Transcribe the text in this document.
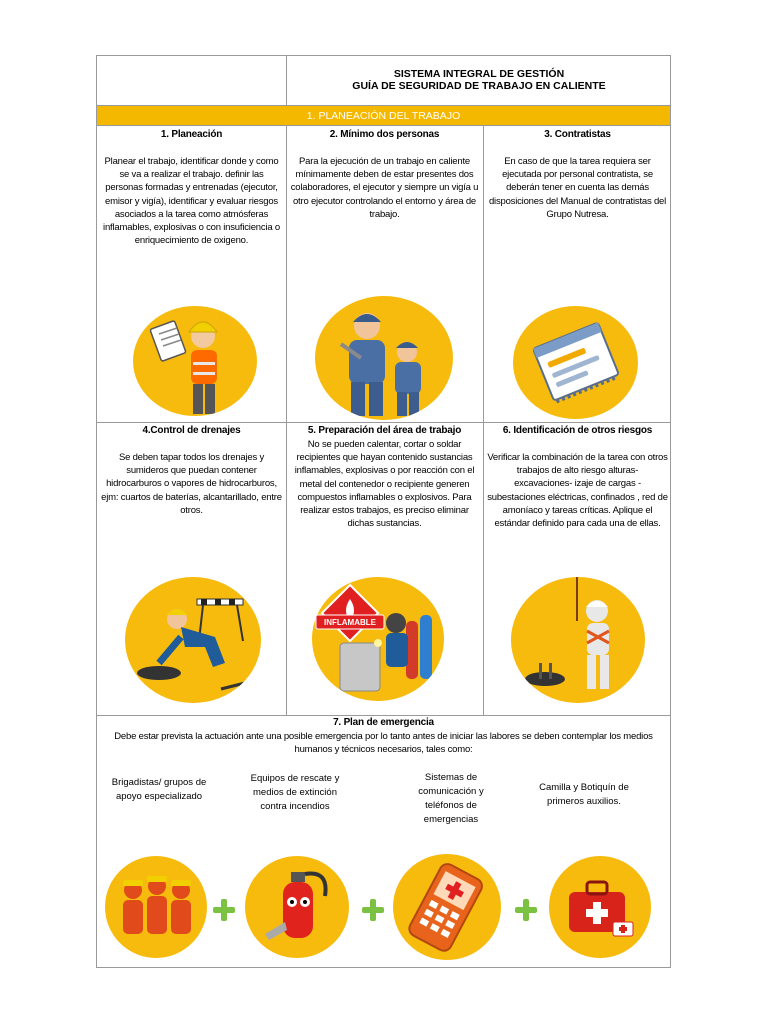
SISTEMA INTEGRAL DE GESTIÓN
GUÍA DE SEGURIDAD DE TRABAJO EN CALIENTE
1. PLANEACIÓN DEL TRABAJO
1. Planeación
Planear el trabajo, identificar donde y como se va a realizar el trabajo. definir las personas formadas y entrenadas (ejecutor, emisor y vigía), identificar y evaluar riesgos asociados a la tarea como atmósferas inflamables, explosivas o con insuficiencia o enriquecimiento de oxigeno.
2. Mínimo dos personas
Para la ejecución de un trabajo en caliente mínimamente deben de estar presentes dos colaboradores, el ejecutor y siempre un vigía u otro ejecutor controlando el entorno y área de trabajo.
3. Contratistas
En caso de que la tarea requiera ser ejecutada por personal contratista, se deberán tener en cuenta las demás disposiciones del Manual de contratistas del Grupo Nutresa.
4.Control de drenajes
Se deben tapar todos los drenajes y sumideros que puedan contener hidrocarburos o vapores de hidrocarburos, ejm: cuartos de baterías, alcantarillado, entre otros.
5. Preparación del área de trabajo
No se pueden calentar, cortar o soldar recipientes que hayan contenido sustancias inflamables, explosivas o por reacción con el metal del contenedor o recipiente generen compuestos inflamables o explosivos. Para realizar estos trabajos, es preciso eliminar dichas sustancias.
INFLAMABLE
6. Identificación de otros riesgos
Verificar la combinación de la tarea con otros trabajos de alto riesgo alturas- excavaciones- izaje de cargas - subestaciones eléctricas, confinados , red de amoníaco y tareas críticas. Aplique el estándar definido para cada una de ellas.
7. Plan de emergencia
Debe estar prevista la actuación ante una posible emergencia por lo tanto antes de iniciar las labores se deben contemplar los medios humanos y técnicos necesarios, tales como:
Brigadistas/ grupos de apoyo especializado
Equipos de rescate y medios de extinción contra incendios
Sistemas de comunicación y teléfonos de emergencias
Camilla y Botiquín de primeros auxilios.
